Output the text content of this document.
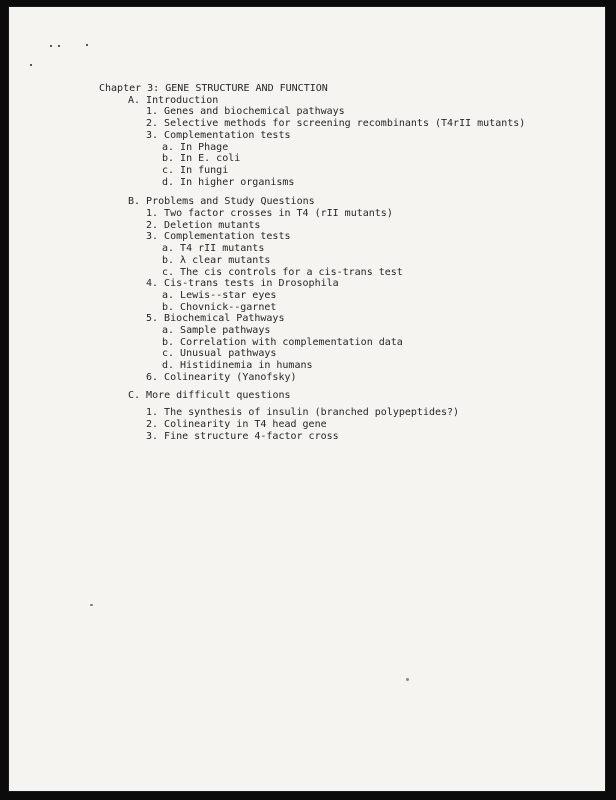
Chapter 3: GENE STRUCTURE AND FUNCTION
A. Introduction
1. Genes and biochemical pathways
2. Selective methods for screening recombinants (T4rII mutants)
3. Complementation tests
a. In Phage
b. In E. coli
c. In fungi
d. In higher organisms
B. Problems and Study Questions
1. Two factor crosses in T4 (rII mutants)
2. Deletion mutants
3. Complementation tests
a. T4 rII mutants
b. λ clear mutants
c. The cis controls for a cis-trans test
4. Cis-trans tests in Drosophila
a. Lewis--star eyes
b. Chovnick--garnet
5. Biochemical Pathways
a. Sample pathways
b. Correlation with complementation data
c. Unusual pathways
d. Histidinemia in humans
6. Colinearity (Yanofsky)
C. More difficult questions
1. The synthesis of insulin (branched polypeptides?)
2. Colinearity in T4 head gene
3. Fine structure 4-factor cross
